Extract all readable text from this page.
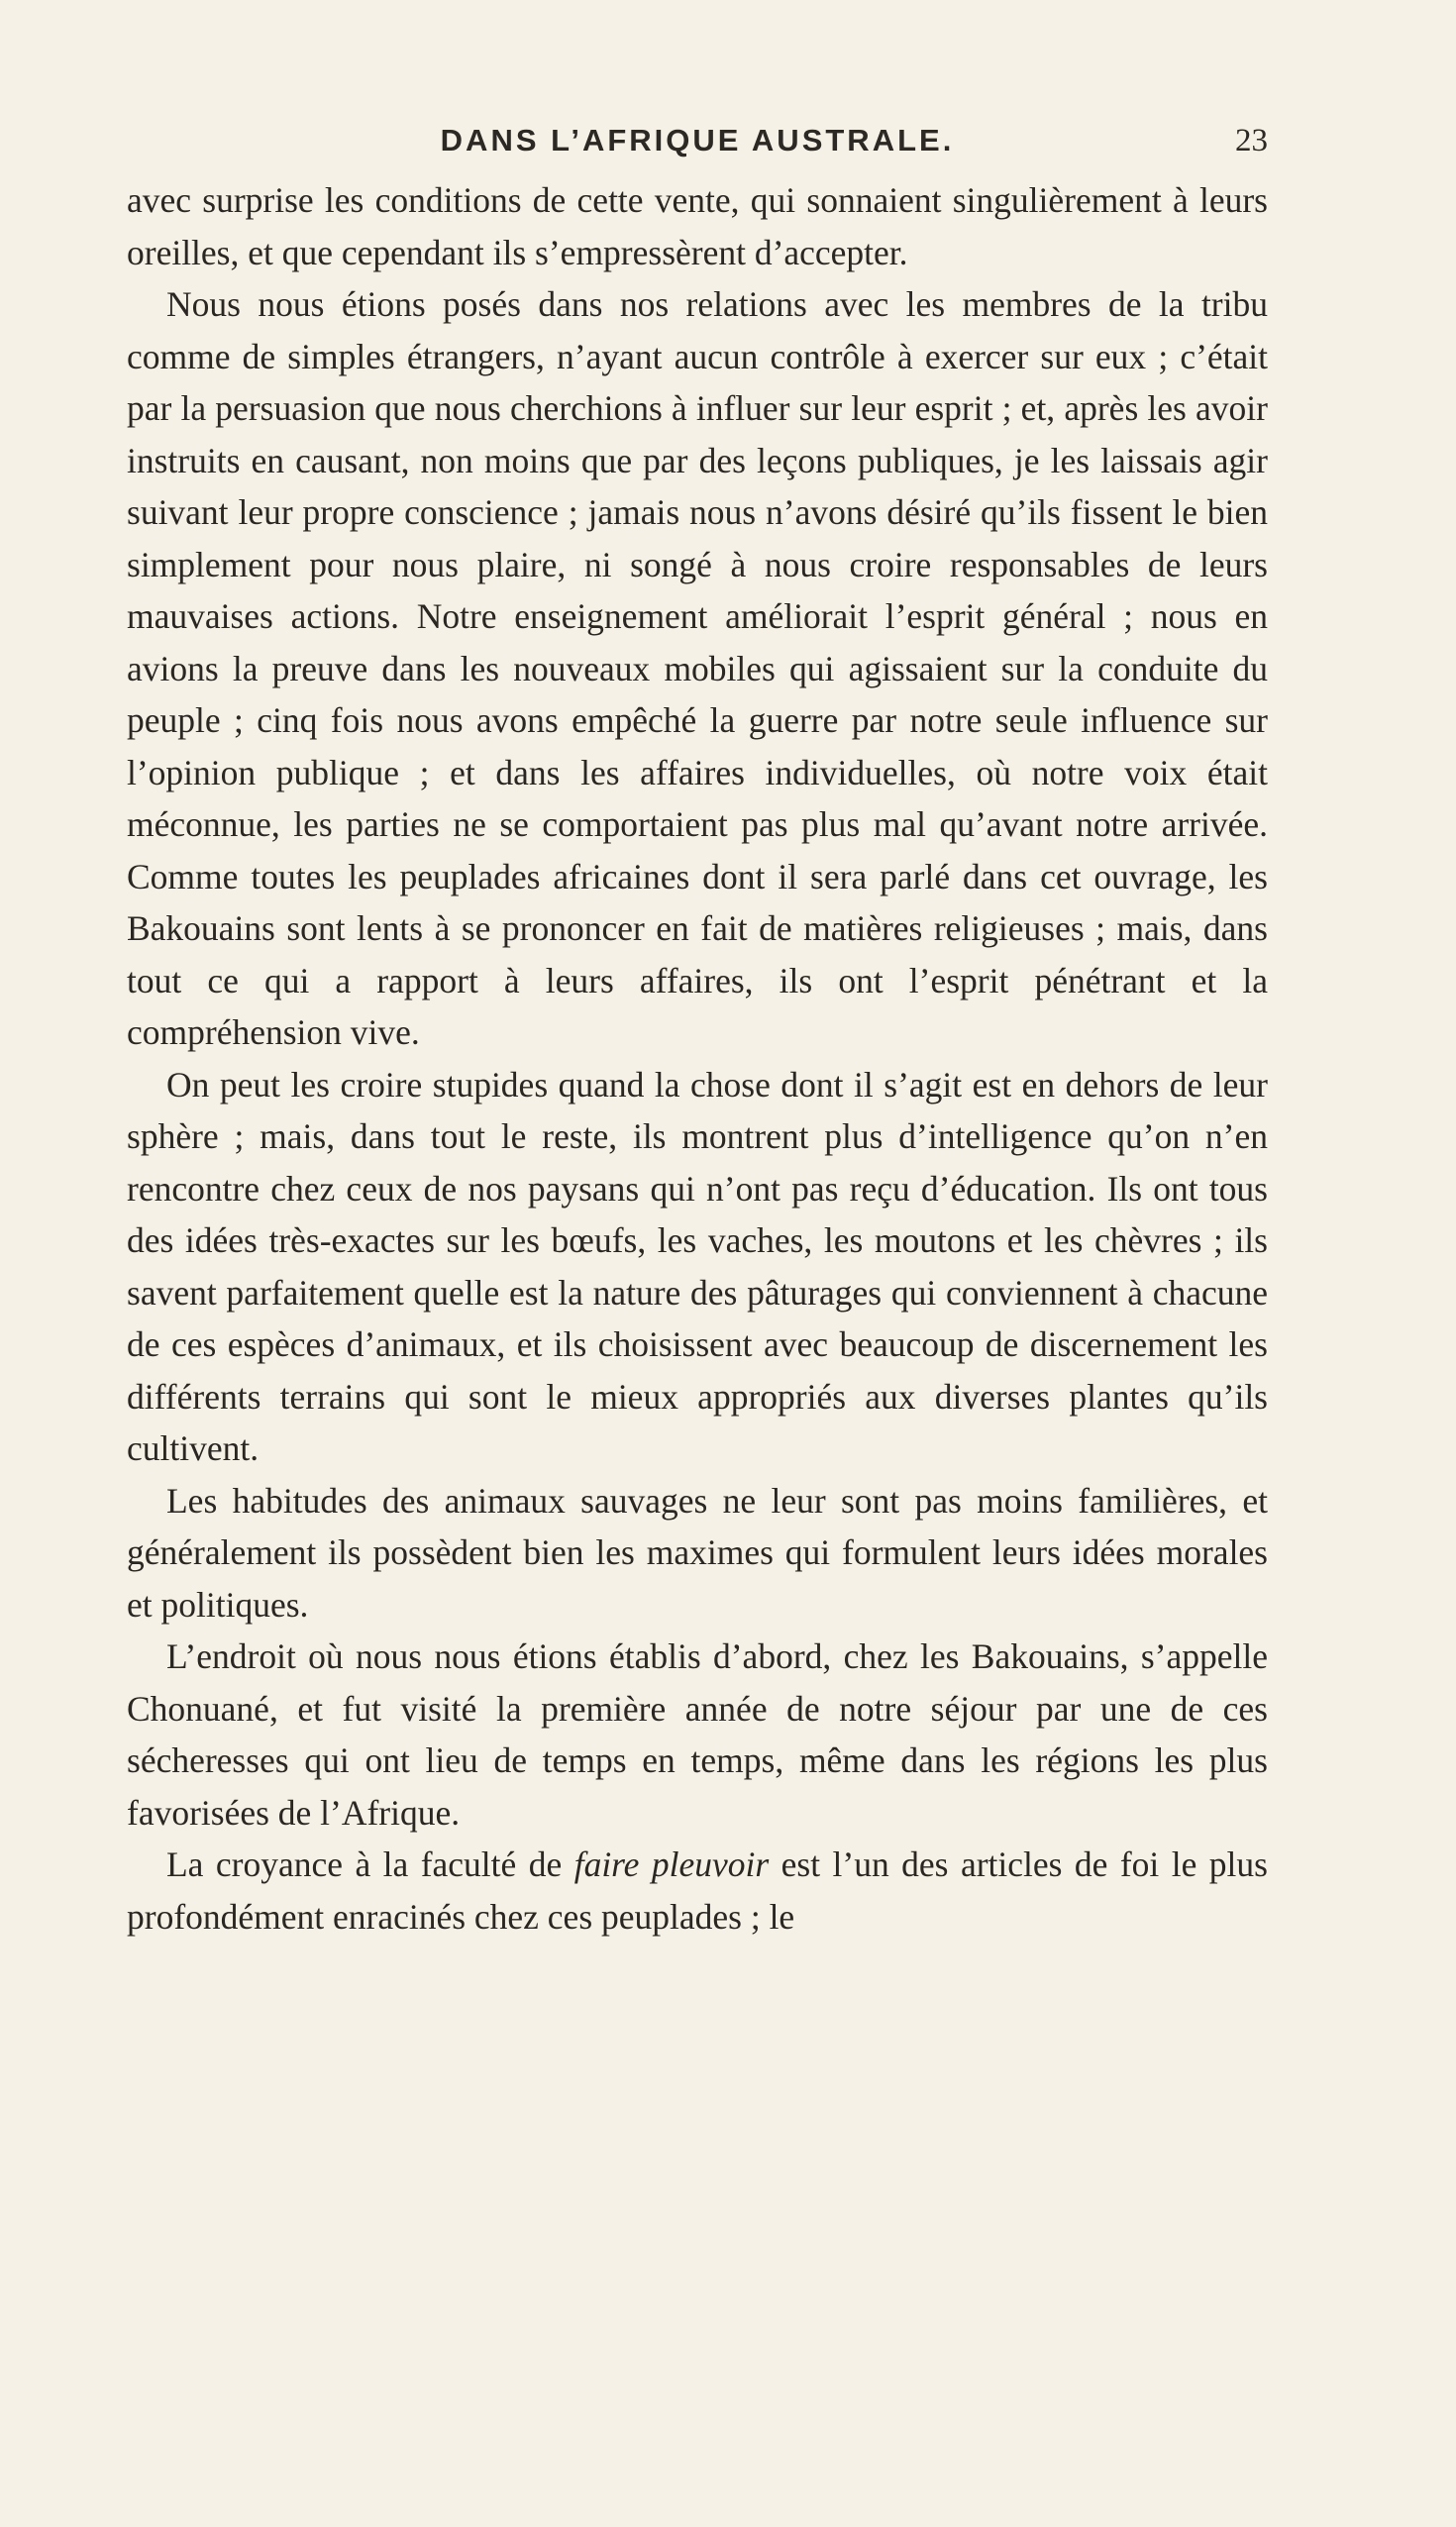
DANS L’AFRIQUE AUSTRALE.	23

avec surprise les conditions de cette vente, qui sonnaient singulièrement à leurs oreilles, et que cependant ils s’empressèrent d’accepter.

Nous nous étions posés dans nos relations avec les membres de la tribu comme de simples étrangers, n’ayant aucun contrôle à exercer sur eux ; c’était par la persuasion que nous cherchions à influer sur leur esprit ; et, après les avoir instruits en causant, non moins que par des leçons publiques, je les laissais agir suivant leur propre conscience ; jamais nous n’avons désiré qu’ils fissent le bien simplement pour nous plaire, ni songé à nous croire responsables de leurs mauvaises actions. Notre enseignement améliorait l’esprit général ; nous en avions la preuve dans les nouveaux mobiles qui agissaient sur la conduite du peuple ; cinq fois nous avons empêché la guerre par notre seule influence sur l’opinion publique ; et dans les affaires individuelles, où notre voix était méconnue, les parties ne se comportaient pas plus mal qu’avant notre arrivée. Comme toutes les peuplades africaines dont il sera parlé dans cet ouvrage, les Bakouains sont lents à se prononcer en fait de matières religieuses ; mais, dans tout ce qui a rapport à leurs affaires, ils ont l’esprit pénétrant et la compréhension vive.

On peut les croire stupides quand la chose dont il s’agit est en dehors de leur sphère ; mais, dans tout le reste, ils montrent plus d’intelligence qu’on n’en rencontre chez ceux de nos paysans qui n’ont pas reçu d’éducation. Ils ont tous des idées très-exactes sur les bœufs, les vaches, les moutons et les chèvres ; ils savent parfaitement quelle est la nature des pâturages qui conviennent à chacune de ces espèces d’animaux, et ils choisissent avec beaucoup de discernement les différents terrains qui sont le mieux appropriés aux diverses plantes qu’ils cultivent.

Les habitudes des animaux sauvages ne leur sont pas moins familières, et généralement ils possèdent bien les maximes qui formulent leurs idées morales et politiques.

L’endroit où nous nous étions établis d’abord, chez les Bakouains, s’appelle Chonuané, et fut visité la première année de notre séjour par une de ces sécheresses qui ont lieu de temps en temps, même dans les régions les plus favorisées de l’Afrique.

La croyance à la faculté de faire pleuvoir est l’un des articles de foi le plus profondément enracinés chez ces peuplades ; le
